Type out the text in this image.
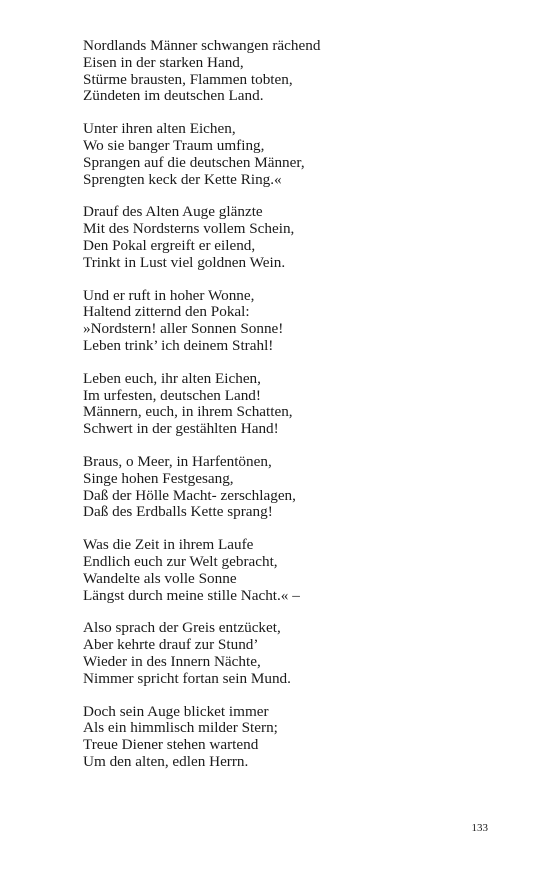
Nordlands Männer schwangen rächend
Eisen in der starken Hand,
Stürme brausten, Flammen tobten,
Zündeten im deutschen Land.
Unter ihren alten Eichen,
Wo sie banger Traum umfing,
Sprangen auf die deutschen Männer,
Sprengten keck der Kette Ring.«
Drauf des Alten Auge glänzte
Mit des Nordsterns vollem Schein,
Den Pokal ergreift er eilend,
Trinkt in Lust viel goldnen Wein.
Und er ruft in hoher Wonne,
Haltend zitternd den Pokal:
»Nordstern! aller Sonnen Sonne!
Leben trink’ ich deinem Strahl!
Leben euch, ihr alten Eichen,
Im urfesten, deutschen Land!
Männern, euch, in ihrem Schatten,
Schwert in der gestählten Hand!
Braus, o Meer, in Harfentönen,
Singe hohen Festgesang,
Daß der Hölle Macht- zerschlagen,
Daß des Erdballs Kette sprang!
Was die Zeit in ihrem Laufe
Endlich euch zur Welt gebracht,
Wandelte als volle Sonne
Längst durch meine stille Nacht.« –
Also sprach der Greis entzücket,
Aber kehrte drauf zur Stund’
Wieder in des Innern Nächte,
Nimmer spricht fortan sein Mund.
Doch sein Auge blicket immer
Als ein himmlisch milder Stern;
Treue Diener stehen wartend
Um den alten, edlen Herrn.
133
